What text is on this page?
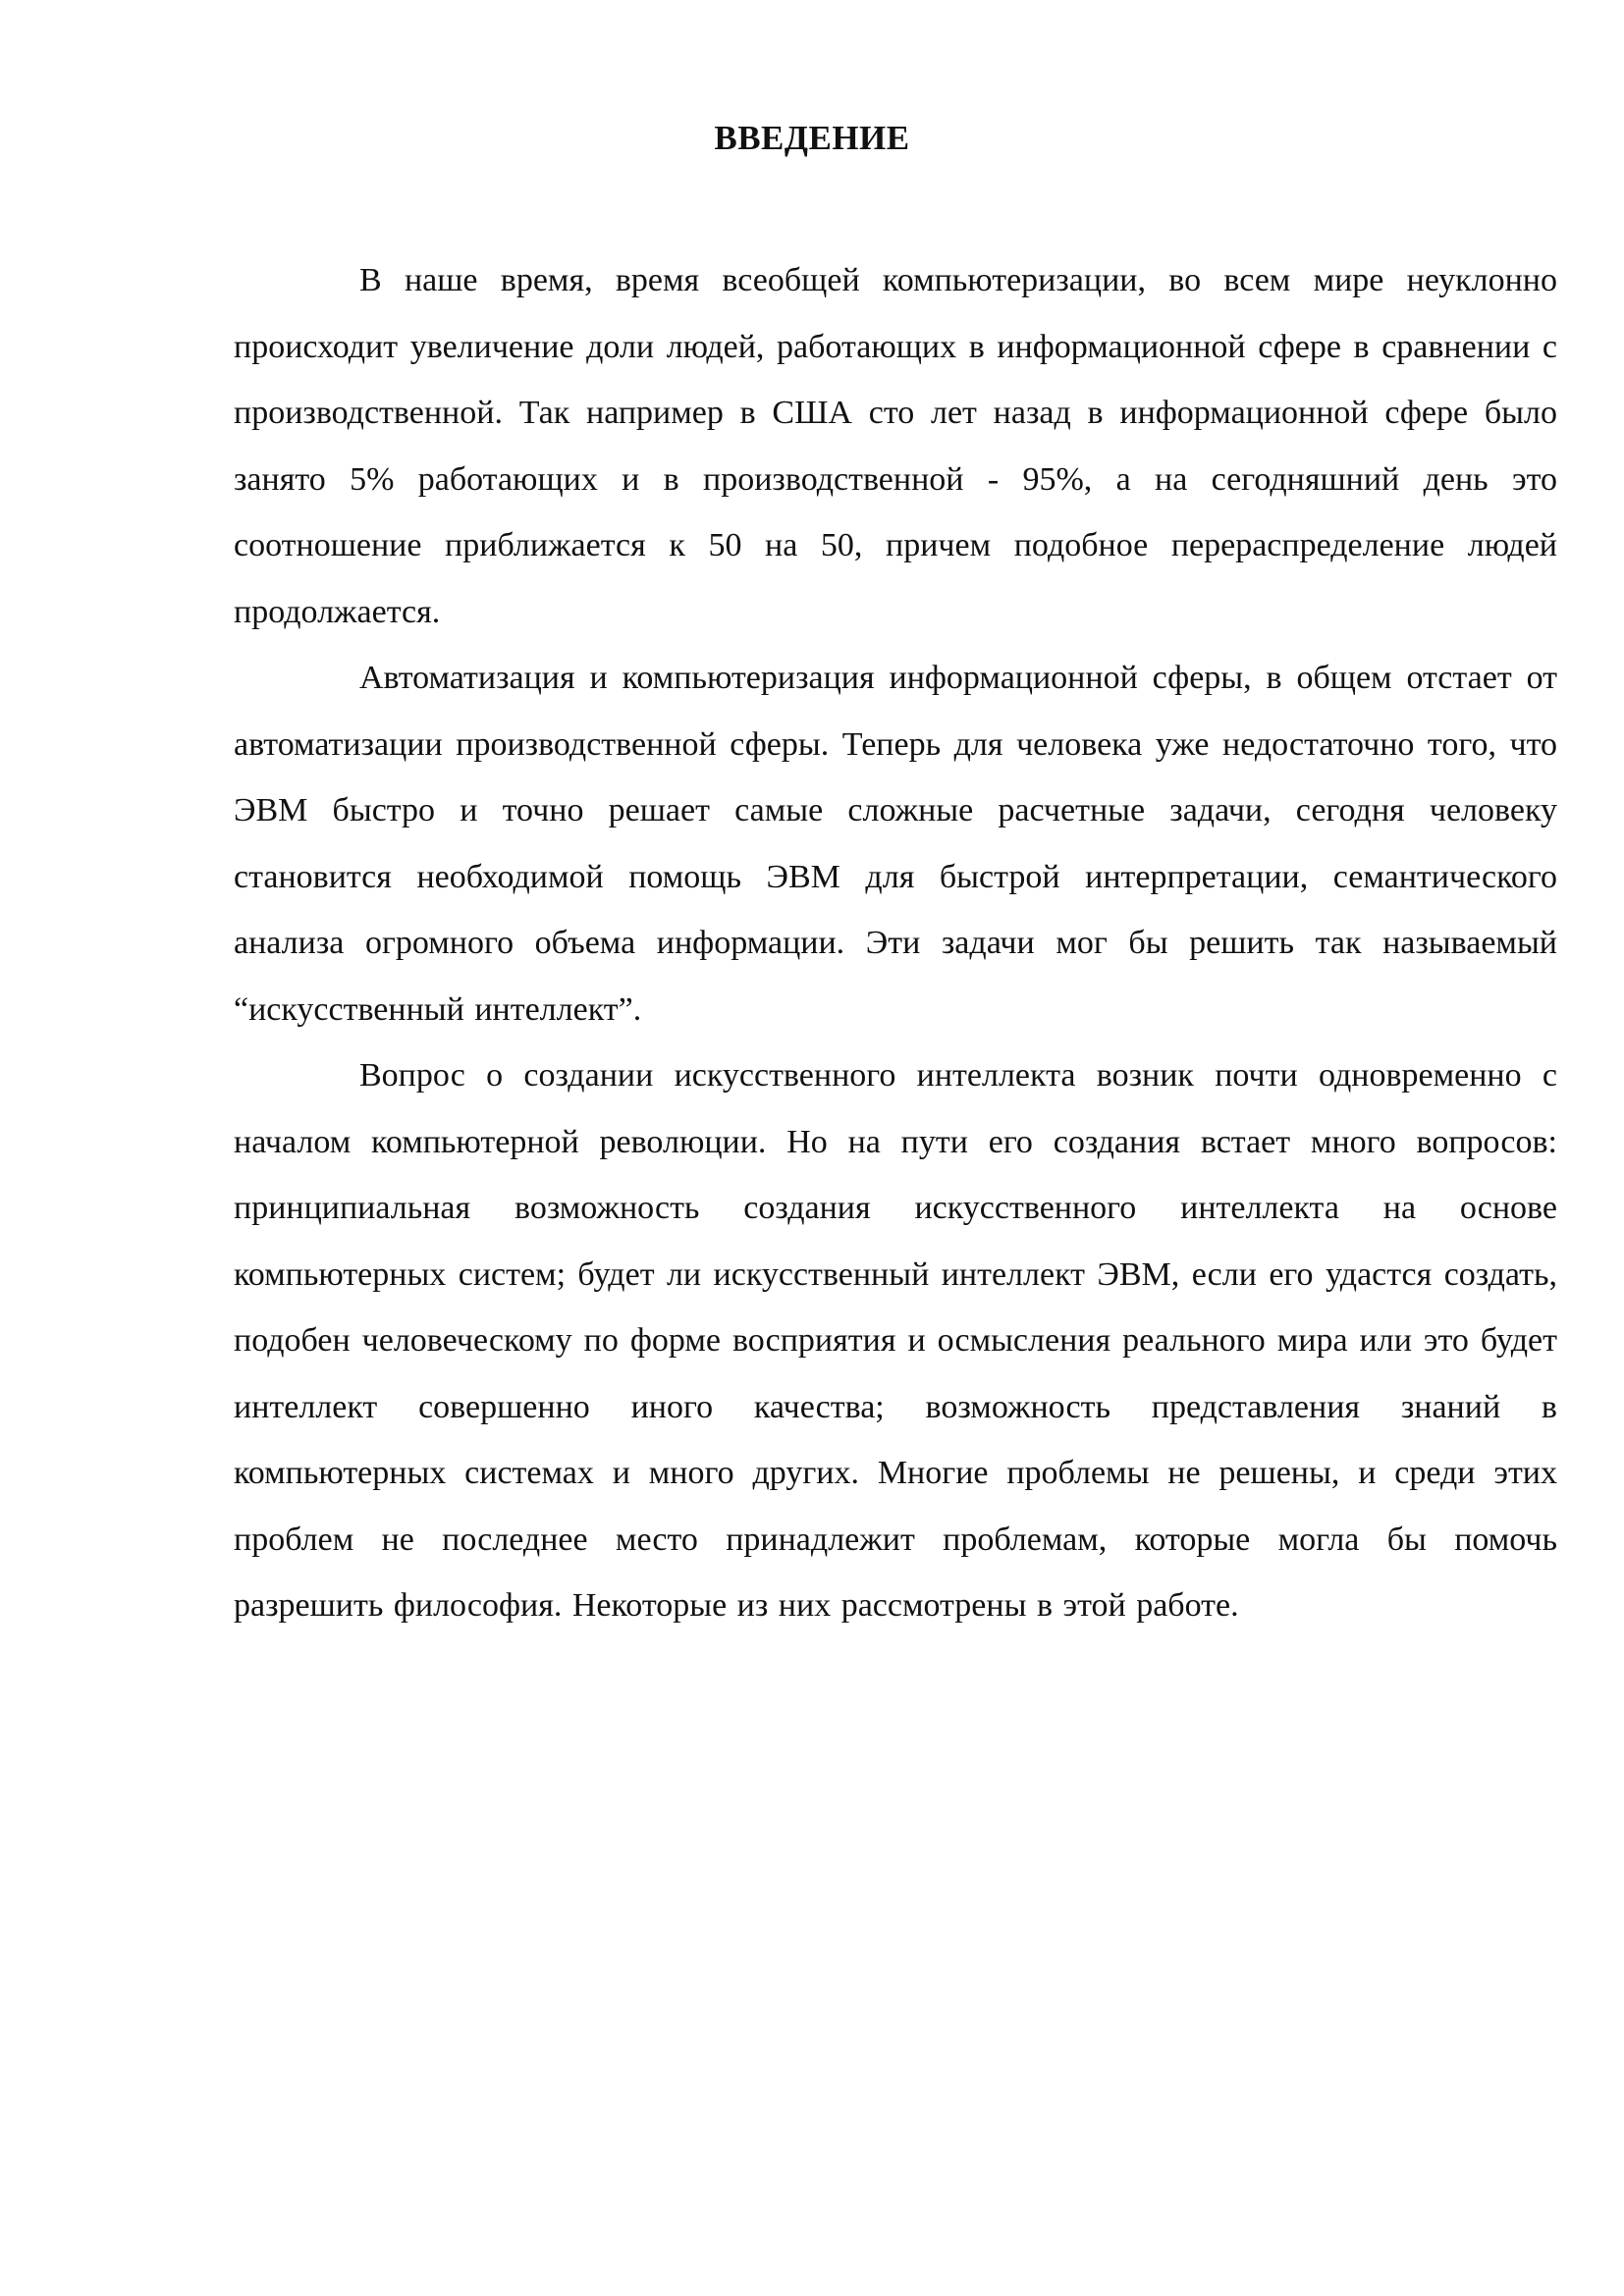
ВВЕДЕНИЕ

В наше время, время всеобщей компьютеризации, во всем мире неуклонно происходит увеличение доли людей, работающих в информационной сфере в сравнении с производственной. Так например в США сто лет назад в информационной сфере было занято 5% работающих и в производственной - 95%, а на сегодняшний день это соотношение приближается к 50 на 50, причем подобное перераспределение людей продолжается.

Автоматизация и компьютеризация информационной сферы, в общем отстает от автоматизации производственной сферы. Теперь для человека уже недостаточно того, что ЭВМ быстро и точно решает самые сложные расчетные задачи, сегодня человеку становится необходимой помощь ЭВМ для быстрой интерпретации, семантического анализа огромного объема информации. Эти задачи мог бы решить так называемый “искусственный интеллект”.

Вопрос о создании искусственного интеллекта возник почти одновременно с началом компьютерной революции. Но на пути его создания встает много вопросов: принципиальная возможность создания искусственного интеллекта на основе компьютерных систем; будет ли искусственный интеллект ЭВМ, если его удастся создать, подобен человеческому по форме восприятия и осмысления реального мира или это будет интеллект совершенно иного качества; возможность представления знаний в компьютерных системах и много других. Многие проблемы не решены, и среди этих проблем не последнее место принадлежит проблемам, которые могла бы помочь разрешить философия. Некоторые из них рассмотрены в этой работе.
